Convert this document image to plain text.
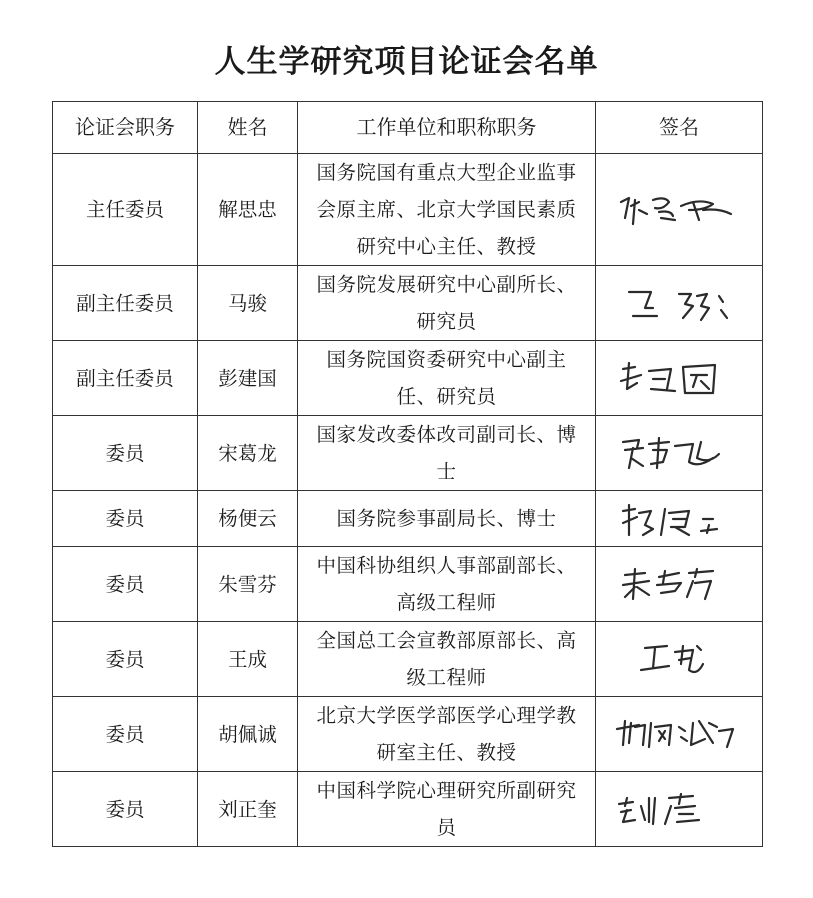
人生学研究项目论证会名单
论证会职务	姓名	工作单位和职称职务	签名
主任委员	解思忠	国务院国有重点大型企业监事会原主席、北京大学国民素质研究中心主任、教授

副主任委员	马骏	国务院发展研究中心副所长、研究员

副主任委员	彭建国	国务院国资委研究中心副主任、研究员

委员	宋葛龙	国家发改委体改司副司长、博士

委员	杨便云	国务院参事副局长、博士

委员	朱雪芬	中国科协组织人事部副部长、高级工程师

委员	王成	全国总工会宣教部原部长、高级工程师

委员	胡佩诚	北京大学医学部医学心理学教研室主任、教授

委员	刘正奎	中国科学院心理研究所副研究员
